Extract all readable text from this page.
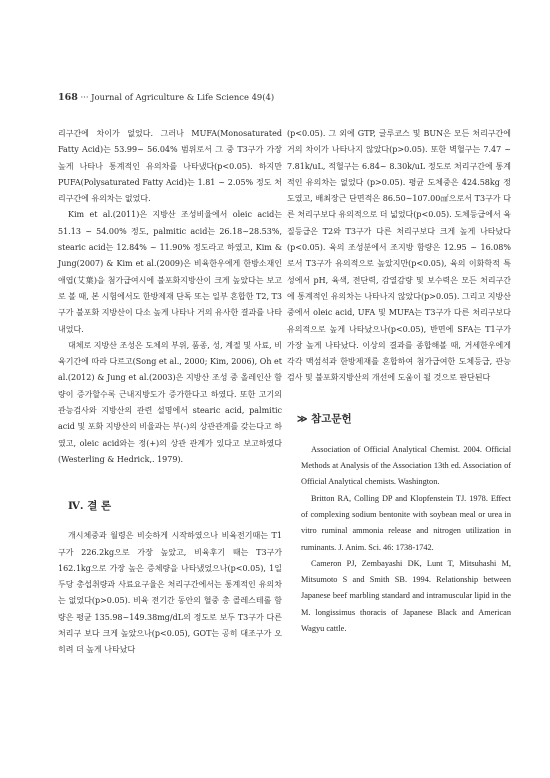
168 ··· Journal of Agriculture & Life Science 49(4)

리구간에 차이가 없었다. 그러나 MUFA(Monosaturated Fatty Acid)는 53.99~ 56.04% 범위로서 그 중 T3구가 가장 높게 나타나 통계적인 유의차를 나타냈다(p<0.05). 하지만 PUFA(Polysaturated Fatty Acid)는 1.81 ~ 2.05% 정도 처리구간에 유의차는 없었다.

Kim et al.(2011)은 지방산 조성비율에서 oleic acid는 51.13 ~ 54.00% 정도, palmitic acid는 26.18~28.53%, stearic acid는 12.84% ~ 11.90% 정도라고 하였고, Kim & Jung(2007) & Kim et al.(2009)은 비육한우에게 한방소재인 애엽(艾葉)을 첨가급여시에 불포화지방산이 크게 높았다는 보고로 볼 때, 본 시험에서도 한방제재 단독 또는 일부 혼합한 T2, T3구가 불포화 지방산이 다소 높게 나타나 거의 유사한 결과를 나타내었다.

대체로 지방산 조성은 도체의 부위, 품종, 성, 계절 및 사료, 비육기간에 따라 다르고(Song et al., 2000; Kim, 2006), Oh et al.(2012) & Jung et al.(2003)은 지방산 조성 중 올레인산 함량이 증가할수록 근내지방도가 증가한다고 하였다. 또한 고기의 관능검사와 지방산의 관련 설명에서 stearic acid, palmitic acid 및 포화 지방산의 비율과는 부(-)의 상관관계를 갖는다고 하였고, oleic acid와는 정(+)의 상관 관계가 있다고 보고하였다(Westerling & Hedrick,. 1979).

Ⅳ. 결 론

개시체중과 월령은 비슷하게 시작하였으나 비육전기때는 T1구가 226.2kg으로 가장 높았고, 비육후기 때는 T3구가 162.1kg으로 가장 높은 증체량을 나타냈었으나(p<0.05), 1일 두당 총섭취량과 사료요구율은 처리구간에서는 통계적인 유의차는 없었다(p>0.05). 비육 전기간 동안의 혈중 총 콜레스테롤 함량은 평균 135.98~149.38mg/dL의 정도로 보두 T3구가 다른 처리구 보다 크게 높았으나(p<0.05), GOT는 공히 대조구가 오히려 더 높게 나타났다

(p<0.05). 그 외에 GTP, 글루코스 및 BUN은 모든 처리구간에 거의 차이가 나타나지 않았다(p>0.05). 또한 벽혈구는 7.47 ~ 7.81k/uL, 적혈구는 6.84~ 8.30k/uL 정도로 처리구간에 통계적인 유의차는 없었다 (p>0.05). 평균 도체중은 424.58kg 정도였고, 배최장근 단면적은 86.50~107.00㎠으로서 T3구가 다른 처리구보다 유의적으로 더 넓었다(p<0.05). 도체등급에서 육질등급은 T2와 T3구가 다른 처리구보다 크게 높게 나타났다(p<0.05). 육의 조성분에서 조지방 함량은 12.95 ~ 16.08%로서 T3구가 유의적으로 높았지만(p<0.05), 육의 이화학적 특성에서 pH, 육색, 전단력, 감열감량 및 보수력은 모든 처리구간에 통계적인 유의차는 나타나지 않았다(p>0.05). 그리고 지방산 중에서 oleic acid, UFA 및 MUFA는 T3구가 다른 처리구보다 유의적으로 높게 나타났으나(p<0.05), 반면에 SFA는 T1구가 가장 높게 나타났다. 이상의 결과를 종합해볼 때, 거세한우에게 각각 맥섬석과 한방제재를 혼합하여 첨가급여한 도체등급, 관능검사 및 불포화지방산의 개선에 도움이 될 것으로 판단된다

≫ 참고문헌

Association of Official Analytical Chemist. 2004. Official Methods at Analysis of the Association 13th ed. Association of Official Analytical chemists. Washington.

Britton RA, Colling DP and Klopfenstein TJ. 1978. Effect of complexing sodium bentonite with soybean meal or urea in vitro ruminal ammonia release and nitrogen utilization in ruminants. J. Anim. Sci. 46: 1738-1742.

Cameron PJ, Zembayashi DK, Lunt T, Mitsuhashi M, Mitsumoto S and Smith SB. 1994. Relationship between Japanese beef marbling standard and intramuscular lipid in the M. longissimus thoracis of Japanese Black and American Wagyu cattle.
